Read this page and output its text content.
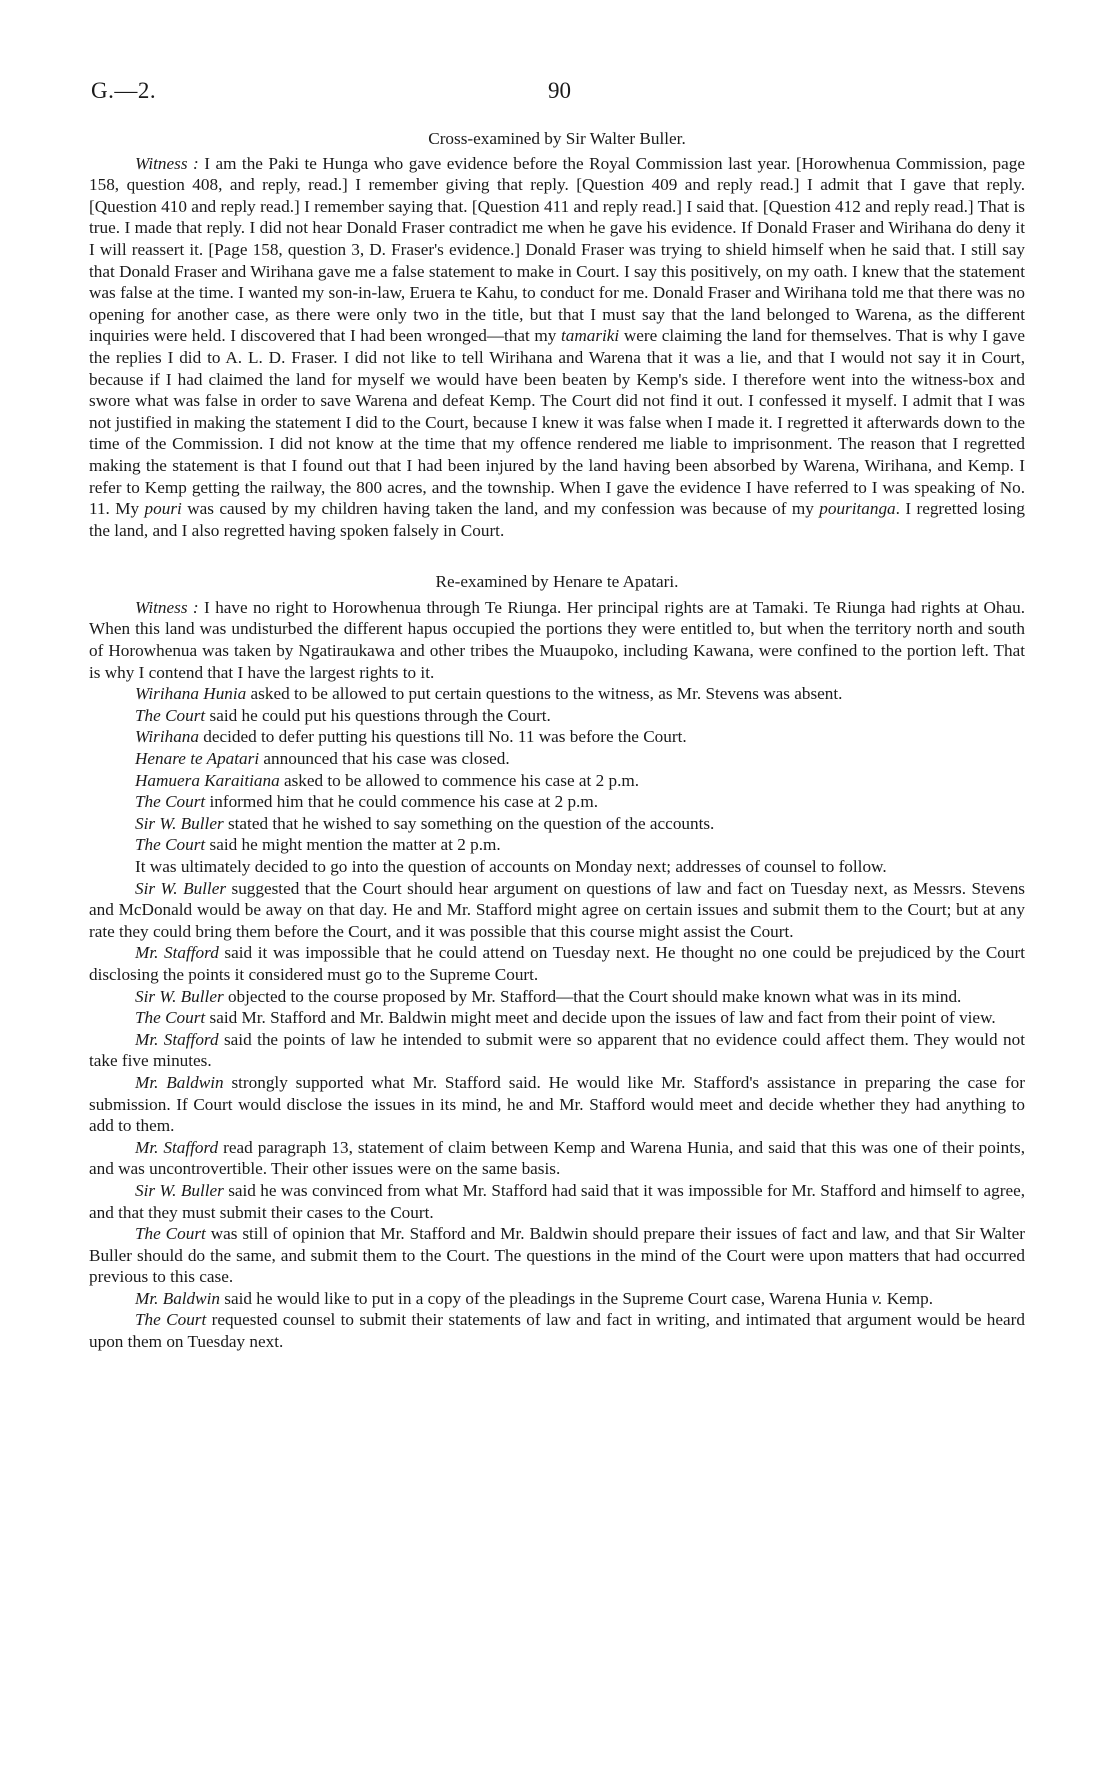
G.—2.	90
Cross-examined by Sir Walter Buller.

Witness : I am the Paki te Hunga who gave evidence before the Royal Commission last year. [Horowhenua Commission, page 158, question 408, and reply, read.] I remember giving that reply. [Question 409 and reply read.] I admit that I gave that reply. [Question 410 and reply read.] I remember saying that. [Question 411 and reply read.] I said that. [Question 412 and reply read.] That is true. I made that reply. I did not hear Donald Fraser contradict me when he gave his evidence. If Donald Fraser and Wirihana do deny it I will reassert it. [Page 158, question 3, D. Fraser's evidence.] Donald Fraser was trying to shield himself when he said that. I still say that Donald Fraser and Wirihana gave me a false statement to make in Court. I say this positively, on my oath. I knew that the statement was false at the time. I wanted my son-in-law, Eruera te Kahu, to conduct for me. Donald Fraser and Wirihana told me that there was no opening for another case, as there were only two in the title, but that I must say that the land belonged to Warena, as the different inquiries were held. I discovered that I had been wronged—that my tamariki were claiming the land for themselves. That is why I gave the replies I did to A. L. D. Fraser. I did not like to tell Wirihana and Warena that it was a lie, and that I would not say it in Court, because if I had claimed the land for myself we would have been beaten by Kemp's side. I therefore went into the witness-box and swore what was false in order to save Warena and defeat Kemp. The Court did not find it out. I confessed it myself. I admit that I was not justified in making the statement I did to the Court, because I knew it was false when I made it. I regretted it afterwards down to the time of the Commission. I did not know at the time that my offence rendered me liable to imprisonment. The reason that I regretted making the statement is that I found out that I had been injured by the land having been absorbed by Warena, Wirihana, and Kemp. I refer to Kemp getting the railway, the 800 acres, and the township. When I gave the evidence I have referred to I was speaking of No. 11. My pouri was caused by my children having taken the land, and my confession was because of my pouritanga. I regretted losing the land, and I also regretted having spoken falsely in Court.

Re-examined by Henare te Apatari.

Witness : I have no right to Horowhenua through Te Riunga. Her principal rights are at Tamaki. Te Riunga had rights at Ohau. When this land was undisturbed the different hapus occupied the portions they were entitled to, but when the territory north and south of Horowhenua was taken by Ngatiraukawa and other tribes the Muaupoko, including Kawana, were confined to the portion left. That is why I contend that I have the largest rights to it.

Wirihana Hunia asked to be allowed to put certain questions to the witness, as Mr. Stevens was absent.

The Court said he could put his questions through the Court.

Wirihana decided to defer putting his questions till No. 11 was before the Court.

Henare te Apatari announced that his case was closed.

Hamuera Karaitiana asked to be allowed to commence his case at 2 p.m.

The Court informed him that he could commence his case at 2 p.m.

Sir W. Buller stated that he wished to say something on the question of the accounts.

The Court said he might mention the matter at 2 p.m.

It was ultimately decided to go into the question of accounts on Monday next; addresses of counsel to follow.

Sir W. Buller suggested that the Court should hear argument on questions of law and fact on Tuesday next, as Messrs. Stevens and McDonald would be away on that day. He and Mr. Stafford might agree on certain issues and submit them to the Court; but at any rate they could bring them before the Court, and it was possible that this course might assist the Court.

Mr. Stafford said it was impossible that he could attend on Tuesday next. He thought no one could be prejudiced by the Court disclosing the points it considered must go to the Supreme Court.

Sir W. Buller objected to the course proposed by Mr. Stafford—that the Court should make known what was in its mind.

The Court said Mr. Stafford and Mr. Baldwin might meet and decide upon the issues of law and fact from their point of view.

Mr. Stafford said the points of law he intended to submit were so apparent that no evidence could affect them. They would not take five minutes.

Mr. Baldwin strongly supported what Mr. Stafford said. He would like Mr. Stafford's assistance in preparing the case for submission. If Court would disclose the issues in its mind, he and Mr. Stafford would meet and decide whether they had anything to add to them.

Mr. Stafford read paragraph 13, statement of claim between Kemp and Warena Hunia, and said that this was one of their points, and was uncontrovertible. Their other issues were on the same basis.

Sir W. Buller said he was convinced from what Mr. Stafford had said that it was impossible for Mr. Stafford and himself to agree, and that they must submit their cases to the Court.

The Court was still of opinion that Mr. Stafford and Mr. Baldwin should prepare their issues of fact and law, and that Sir Walter Buller should do the same, and submit them to the Court. The questions in the mind of the Court were upon matters that had occurred previous to this case.

Mr. Baldwin said he would like to put in a copy of the pleadings in the Supreme Court case, Warena Hunia v. Kemp.

The Court requested counsel to submit their statements of law and fact in writing, and intimated that argument would be heard upon them on Tuesday next.
